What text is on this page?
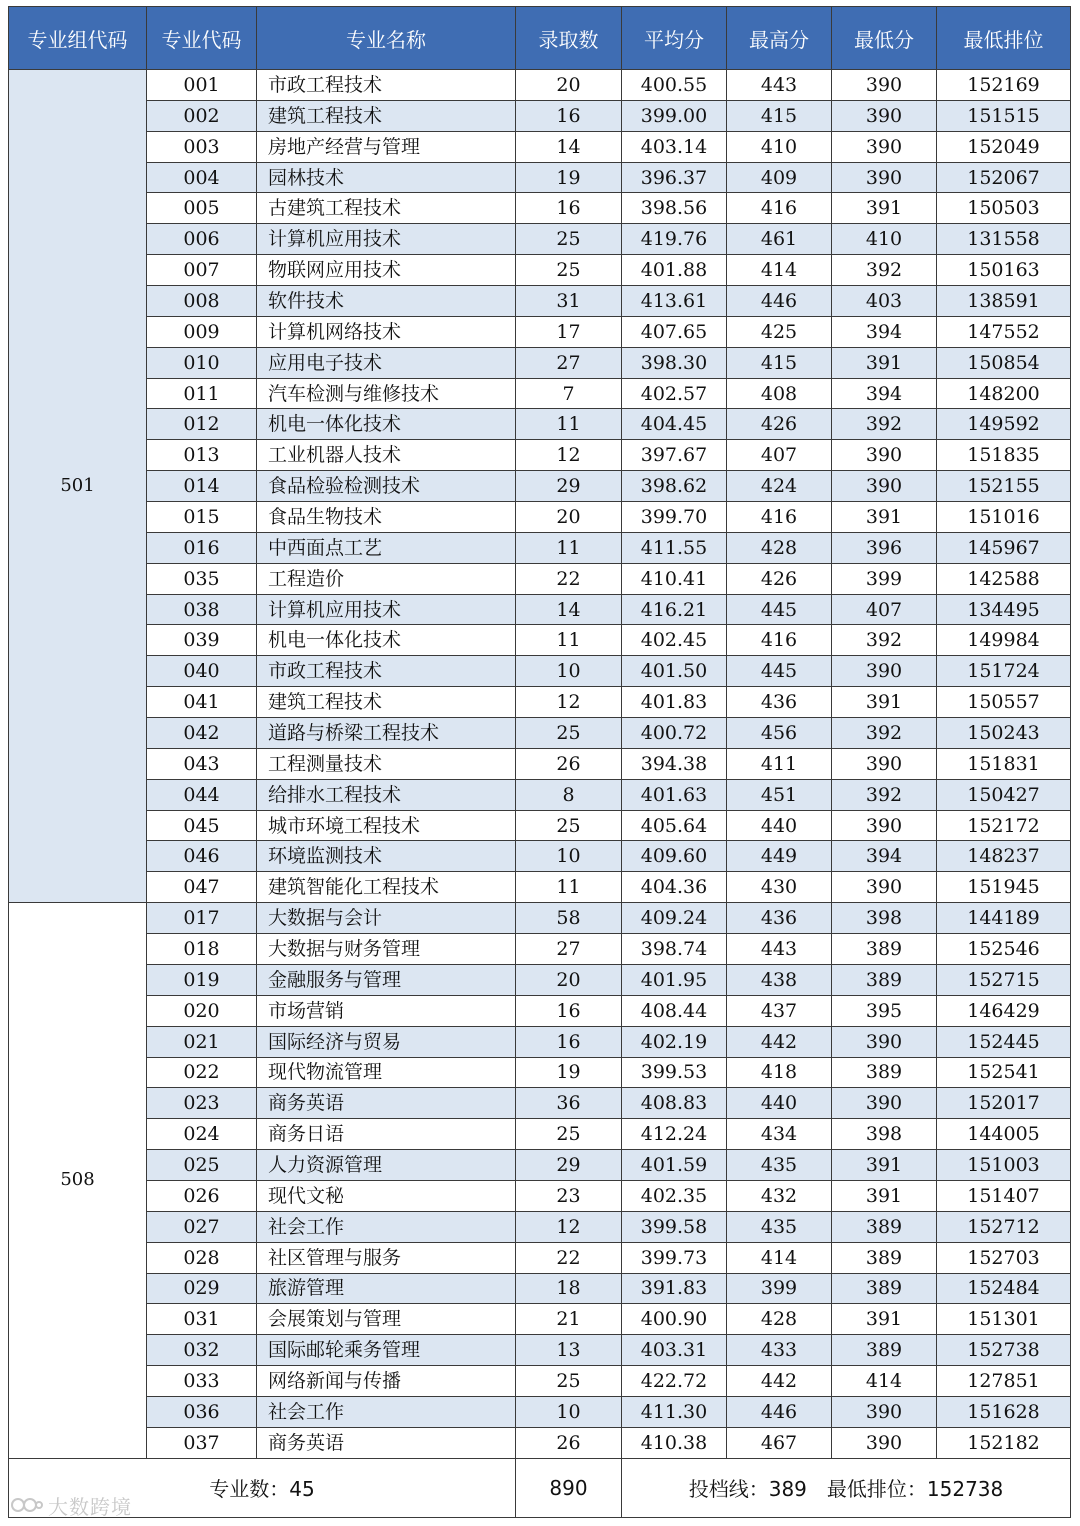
专业组代码	专业代码	专业名称	录取数	平均分	最高分	最低分	最低排位
501	001	市政工程技术	20	400.55	443	390	152169
	002	建筑工程技术	16	399.00	415	390	151515
	003	房地产经营与管理	14	403.14	410	390	152049
	004	园林技术	19	396.37	409	390	152067
	005	古建筑工程技术	16	398.56	416	391	150503
	006	计算机应用技术	25	419.76	461	410	131558
	007	物联网应用技术	25	401.88	414	392	150163
	008	软件技术	31	413.61	446	403	138591
	009	计算机网络技术	17	407.65	425	394	147552
	010	应用电子技术	27	398.30	415	391	150854
	011	汽车检测与维修技术	7	402.57	408	394	148200
	012	机电一体化技术	11	404.45	426	392	149592
	013	工业机器人技术	12	397.67	407	390	151835
	014	食品检验检测技术	29	398.62	424	390	152155
	015	食品生物技术	20	399.70	416	391	151016
	016	中西面点工艺	11	411.55	428	396	145967
	035	工程造价	22	410.41	426	399	142588
	038	计算机应用技术	14	416.21	445	407	134495
	039	机电一体化技术	11	402.45	416	392	149984
	040	市政工程技术	10	401.50	445	390	151724
	041	建筑工程技术	12	401.83	436	391	150557
	042	道路与桥梁工程技术	25	400.72	456	392	150243
	043	工程测量技术	26	394.38	411	390	151831
	044	给排水工程技术	8	401.63	451	392	150427
	045	城市环境工程技术	25	405.64	440	390	152172
	046	环境监测技术	10	409.60	449	394	148237
	047	建筑智能化工程技术	11	404.36	430	390	151945
508	017	大数据与会计	58	409.24	436	398	144189
	018	大数据与财务管理	27	398.74	443	389	152546
	019	金融服务与管理	20	401.95	438	389	152715
	020	市场营销	16	408.44	437	395	146429
	021	国际经济与贸易	16	402.19	442	390	152445
	022	现代物流管理	19	399.53	418	389	152541
	023	商务英语	36	408.83	440	390	152017
	024	商务日语	25	412.24	434	398	144005
	025	人力资源管理	29	401.59	435	391	151003
	026	现代文秘	23	402.35	432	391	151407
	027	社会工作	12	399.58	435	389	152712
	028	社区管理与服务	22	399.73	414	389	152703
	029	旅游管理	18	391.83	399	389	152484
	031	会展策划与管理	21	400.90	428	391	151301
	032	国际邮轮乘务管理	13	403.31	433	389	152738
	033	网络新闻与传播	25	422.72	442	414	127851
	036	社会工作	10	411.30	446	390	151628
	037	商务英语	26	410.38	467	390	152182
专业数：45			890	投档线：389　最低排位：152738			
大数跨境
